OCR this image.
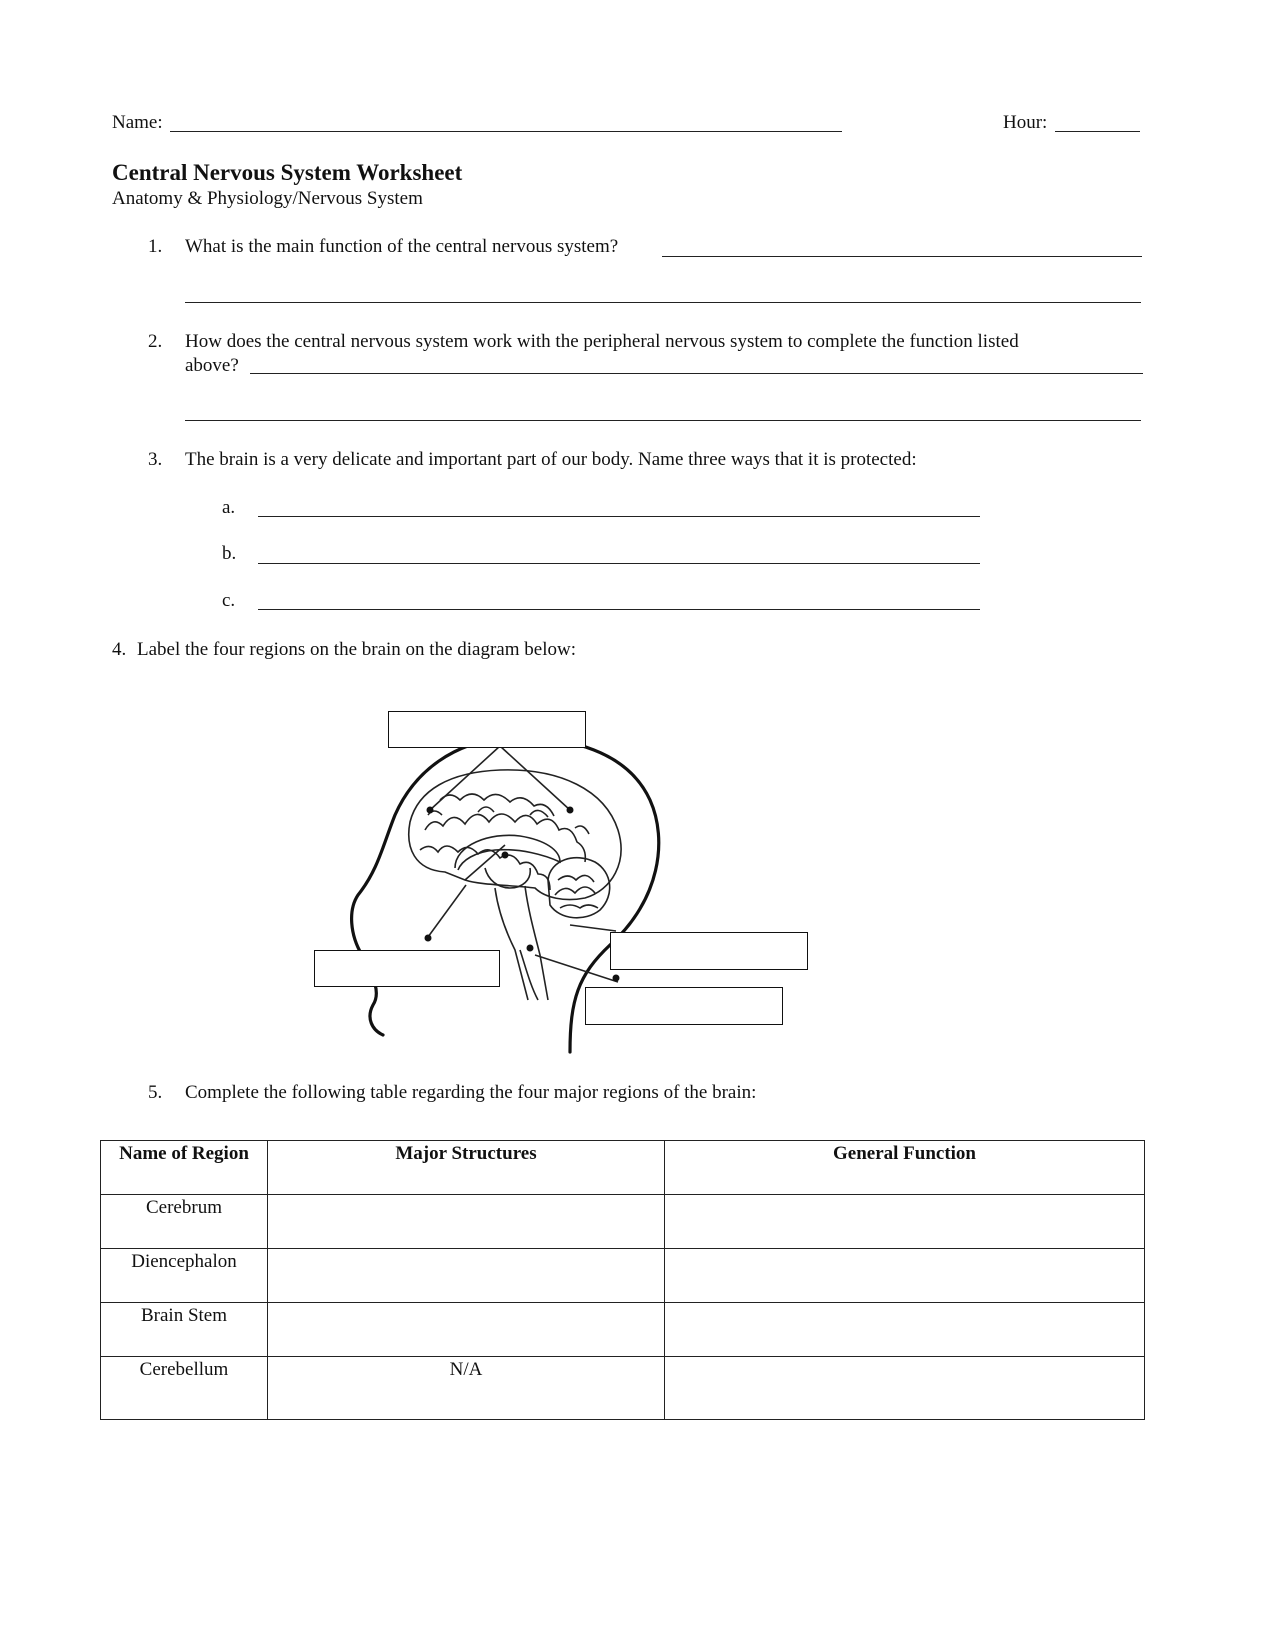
Name:	Hour:
Central Nervous System Worksheet
Anatomy & Physiology/Nervous System
1. What is the main function of the central nervous system?
2. How does the central nervous system work with the peripheral nervous system to complete the function listed
above?
3. The brain is a very delicate and important part of our body. Name three ways that it is protected:
a.
b.
c.
4. Label the four regions on the brain on the diagram below:
5. Complete the following table regarding the four major regions of the brain:
Name of Region	Major Structures	General Function
Cerebrum		
Diencephalon		
Brain Stem		
Cerebellum	N/A	
